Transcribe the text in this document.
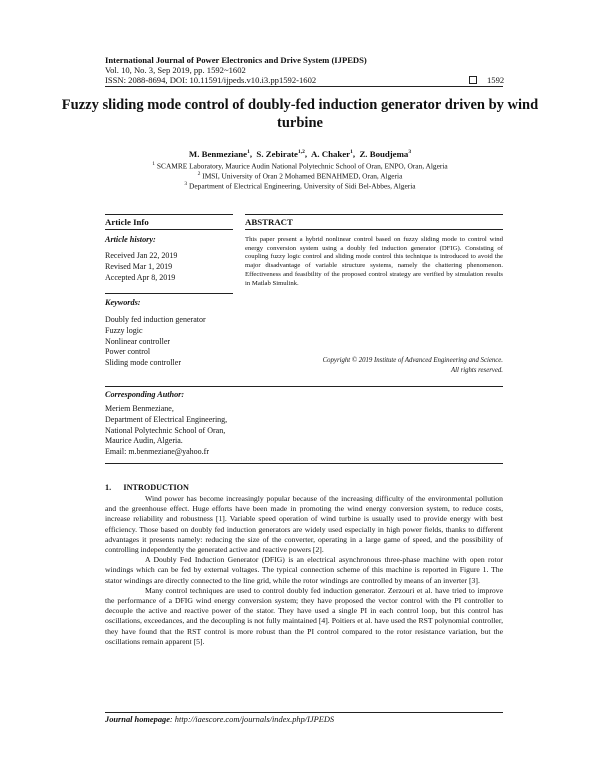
International Journal of Power Electronics and Drive System (IJPEDS)
Vol. 10, No. 3, Sep 2019, pp. 1592~1602
ISSN: 2088-8694, DOI: 10.11591/ijpeds.v10.i3.pp1592-1602	1592
Fuzzy sliding mode control of doubly-fed induction generator driven by wind turbine
M. Benmeziane$^1$,  S. Zebirate$^{1,2}$,  A. Chaker$^1$,  Z. Boudjema$^3$
$^1$ SCAMRE Laboratory, Maurice Audin National Polytechnic School of Oran, ENPO, Oran, Algeria
$^2$ IMSI, University of Oran 2 Mohamed BENAHMED, Oran, Algeria
$^3$ Department of Electrical Engineering, University of Sidi Bel-Abbes, Algeria
Article Info
Article history:
Received Jan 22, 2019
Revised Mar 1, 2019
Accepted Apr 8, 2019
Keywords:
Doubly fed induction generator
Fuzzy logic
Nonlinear controller
Power control
Sliding mode controller
Corresponding Author:
Meriem Benmeziane,
Department of Electrical Engineering,
National Polytechnic School of Oran,
Maurice Audin, Algeria.
Email: m.benmeziane@yahoo.fr
ABSTRACT
This paper present a hybrid nonlinear control based on fuzzy sliding mode to control wind energy conversion system using a doubly fed induction generator (DFIG). Consisting of coupling fuzzy logic control and sliding mode control this technique is introduced to avoid the major disadvantage of variable structure systems, namely the chattering phenomenon. Effectiveness and feasibility of the proposed control strategy are verified by simulation results in Matlab Simulink.
Copyright © 2019 Institute of Advanced Engineering and Science.
All rights reserved.
1.      INTRODUCTION

Wind power has become increasingly popular because of the increasing difficulty of the environmental pollution and the greenhouse effect. Huge efforts have been made in promoting the wind energy conversion system, to reduce costs, increase reliability and robustness [1]. Variable speed operation of wind turbine is usually used to provide energy with best efficiency. Those based on doubly fed induction generators are widely used especially in high power fields, thanks to different advantages it presents namely: reducing the size of the converter, operating in a large game of speed, and the possibility of controlling independently the generated active and reactive powers [2].

A Doubly Fed Induction Generator (DFIG) is an electrical asynchronous three-phase machine with open rotor windings which can be fed by external voltages. The typical connection scheme of this machine is reported in Figure 1. The stator windings are directly connected to the line grid, while the rotor windings are controlled by means of an inverter [3].

Many control techniques are used to control doubly fed induction generator. Zerzouri et al. have tried to improve the performance of a DFIG wind energy conversion system; they have proposed the vector control with the PI controller to decouple the active and reactive power of the stator. They have used a single PI in each control loop, but this control has oscillations, exceedances, and the decoupling is not fully maintained [4]. Poitiers et al. have used the RST polynomial controller, they have found that the RST control is more robust than the PI control compared to the rotor resistance variation, but the oscillations remain apparent [5].

Journal homepage: http://iaescore.com/journals/index.php/IJPEDS
